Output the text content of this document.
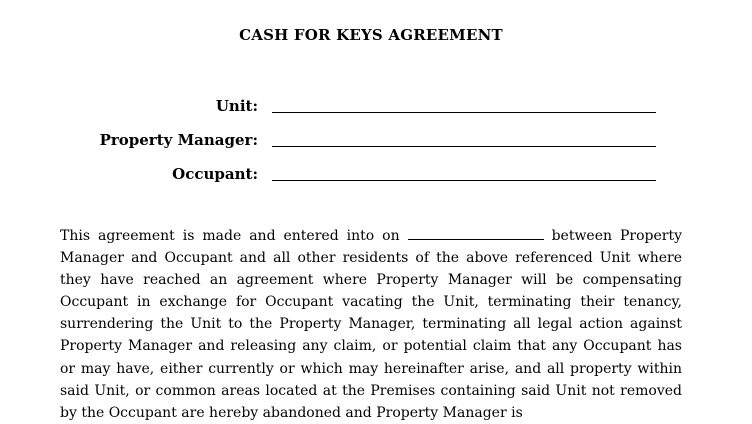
CASH FOR KEYS AGREEMENT
Unit:
Property Manager:
Occupant:

This agreement is made and entered into on	between Property Manager and Occupant and all other residents of the above referenced Unit where they have reached an agreement where Property Manager will be compensating Occupant in exchange for Occupant vacating the Unit, terminating their tenancy, surrendering the Unit to the Property Manager, terminating all legal action against Property Manager and releasing any claim, or potential claim that any Occupant has or may have, either currently or which may hereinafter arise, and all property within said Unit, or common areas located at the Premises containing said Unit not removed by the Occupant are hereby abandoned and Property Manager is
